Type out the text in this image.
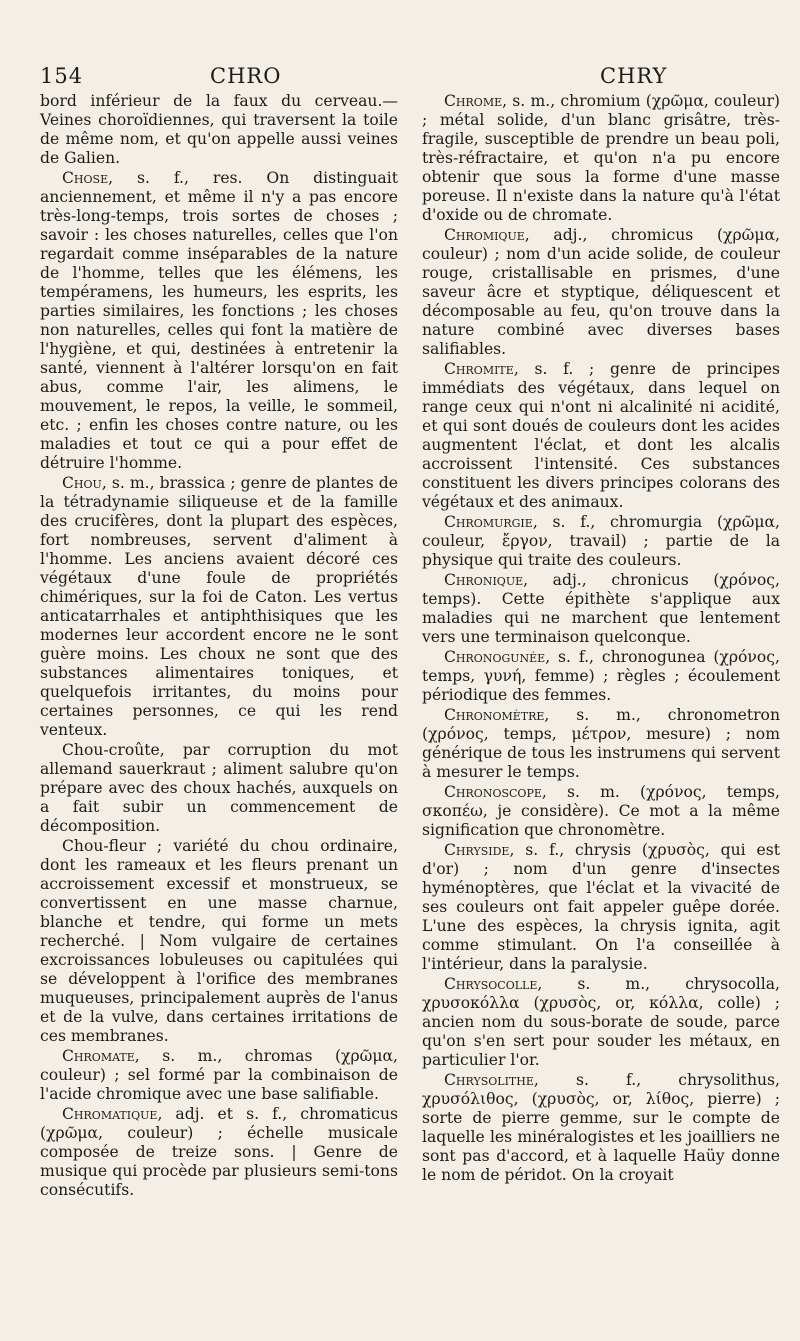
154	CHRO	CHRY

bord inférieur de la faux du cerveau.— Veines choroïdiennes, qui traversent la toile de même nom, et qu'on appelle aussi veines de Galien.

Chose, s. f., res. On distinguait anciennement, et même il n'y a pas encore très-long-temps, trois sortes de choses ; savoir : les choses naturelles, celles que l'on regardait comme inséparables de la nature de l'homme, telles que les élémens, les tempéramens, les humeurs, les esprits, les parties similaires, les fonctions ; les choses non naturelles, celles qui font la matière de l'hygiène, et qui, destinées à entretenir la santé, viennent à l'altérer lorsqu'on en fait abus, comme l'air, les alimens, le mouvement, le repos, la veille, le sommeil, etc. ; enfin les choses contre nature, ou les maladies et tout ce qui a pour effet de détruire l'homme.

Chou, s. m., brassica ; genre de plantes de la tétradynamie siliqueuse et de la famille des crucifères, dont la plupart des espèces, fort nombreuses, servent d'aliment à l'homme. Les anciens avaient décoré ces végétaux d'une foule de propriétés chimériques, sur la foi de Caton. Les vertus anticatarrhales et antiphthisiques que les modernes leur accordent encore ne le sont guère moins. Les choux ne sont que des substances alimentaires toniques, et quelquefois irritantes, du moins pour certaines personnes, ce qui les rend venteux.

Chou-croûte, par corruption du mot allemand sauerkraut ; aliment salubre qu'on prépare avec des choux hachés, auxquels on a fait subir un commencement de décomposition.

Chou-fleur ; variété du chou ordinaire, dont les rameaux et les fleurs prenant un accroissement excessif et monstrueux, se convertissent en une masse charnue, blanche et tendre, qui forme un mets recherché. | Nom vulgaire de certaines excroissances lobuleuses ou capitulées qui se développent à l'orifice des membranes muqueuses, principalement auprès de l'anus et de la vulve, dans certaines irritations de ces membranes.

Chromate, s. m., chromas (χρῶμα, couleur) ; sel formé par la combinaison de l'acide chromique avec une base salifiable.

Chromatique, adj. et s. f., chromaticus (χρῶμα, couleur) ; échelle musicale composée de treize sons. | Genre de musique qui procède par plusieurs semi-tons consécutifs.

Chrome, s. m., chromium (χρῶμα, couleur) ; métal solide, d'un blanc grisâtre, très-fragile, susceptible de prendre un beau poli, très-réfractaire, et qu'on n'a pu encore obtenir que sous la forme d'une masse poreuse. Il n'existe dans la nature qu'à l'état d'oxide ou de chromate.

Chromique, adj., chromicus (χρῶμα, couleur) ; nom d'un acide solide, de couleur rouge, cristallisable en prismes, d'une saveur âcre et styptique, déliquescent et décomposable au feu, qu'on trouve dans la nature combiné avec diverses bases salifiables.

Chromite, s. f. ; genre de principes immédiats des végétaux, dans lequel on range ceux qui n'ont ni alcalinité ni acidité, et qui sont doués de couleurs dont les acides augmentent l'éclat, et dont les alcalis accroissent l'intensité. Ces substances constituent les divers principes colorans des végétaux et des animaux.

Chromurgie, s. f., chromurgia (χρῶμα, couleur, ἔργον, travail) ; partie de la physique qui traite des couleurs.

Chronique, adj., chronicus (χρόνος, temps). Cette épithète s'applique aux maladies qui ne marchent que lentement vers une terminaison quelconque.

Chronogunée, s. f., chronogunea (χρόνος, temps, γυνή, femme) ; règles ; écoulement périodique des femmes.

Chronomètre, s. m., chronometron (χρόνος, temps, μέτρον, mesure) ; nom générique de tous les instrumens qui servent à mesurer le temps.

Chronoscope, s. m. (χρόνος, temps, σκοπέω, je considère). Ce mot a la même signification que chronomètre.

Chryside, s. f., chrysis (χρυσὸς, qui est d'or) ; nom d'un genre d'insectes hyménoptères, que l'éclat et la vivacité de ses couleurs ont fait appeler guêpe dorée. L'une des espèces, la chrysis ignita, agit comme stimulant. On l'a conseillée à l'intérieur, dans la paralysie.

Chrysocolle, s. m., chrysocolla, χρυσοκόλλα (χρυσὸς, or, κόλλα, colle) ; ancien nom du sous-borate de soude, parce qu'on s'en sert pour souder les métaux, en particulier l'or.

Chrysolithe, s. f., chrysolithus, χρυσόλιθος, (χρυσὸς, or, λίθος, pierre) ; sorte de pierre gemme, sur le compte de laquelle les minéralogistes et les joailliers ne sont pas d'accord, et à laquelle Haüy donne le nom de péridot. On la croyait
